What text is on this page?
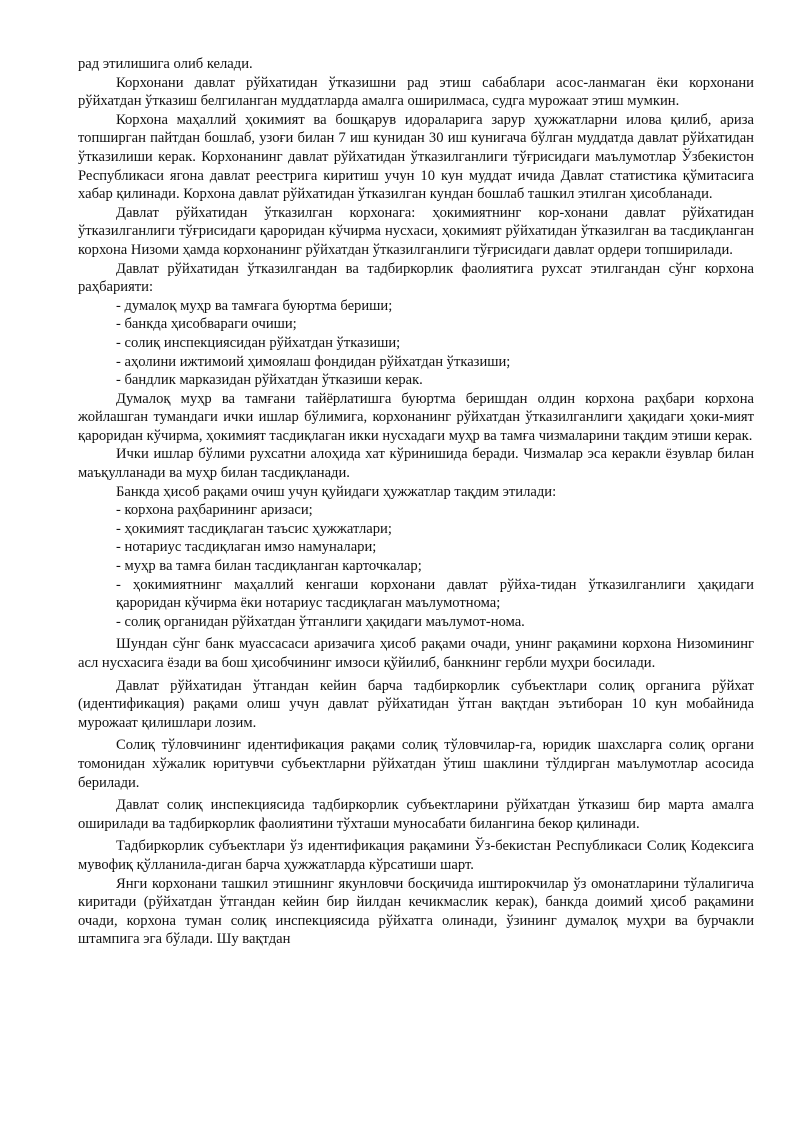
рад этилишига олиб келади.

Корхонани давлат рўйхатидан ўтказишни рад этиш сабаблари асос-ланмаган ёки корхонани рўйхатдан ўтказиш белгиланган муддатларда амалга оширилмаса, судга мурожаат этиш мумкин.

Корхона маҳаллий ҳокимият ва бошқарув идораларига зарур ҳужжатларни илова қилиб, ариза топширган пайтдан бошлаб, узоғи билан 7 иш кунидан 30 иш кунигача бўлган муддатда давлат рўйхатидан ўтказилиши керак. Корхонанинг давлат рўйхатидан ўтказилганлиги тўғрисидаги маълумотлар Ўзбекистон Республикаси ягона давлат реестрига киритиш учун 10 кун муддат ичида Давлат статистика қўмитасига хабар қилинади. Корхона давлат рўйхатидан ўтказилган кундан бошлаб ташкил этилган ҳисобланади.

Давлат рўйхатидан ўтказилган корхонага: ҳокимиятнинг кор-хонани давлат рўйхатидан ўтказилганлиги тўғрисидаги қароридан кўчирма нусхаси, ҳокимият рўйхатидан ўтказилган ва тасдиқланган корхона Низоми ҳамда корхонанинг рўйхатдан ўтказилганлиги тўғрисидаги давлат ордери топширилади.

Давлат рўйхатидан ўтказилгандан ва тадбиркорлик фаолиятига рухсат этилгандан сўнг корхона раҳбарияти:

- думалоқ муҳр ва тамғага буюртма бериши;

- банкда ҳисобвараги очиши;

- солиқ инспекциясидан рўйхатдан ўтказиши;

- аҳолини ижтимоий ҳимоялаш фондидан рўйхатдан ўтказиши;

- бандлик марказидан рўйхатдан ўтказиши керак.

Думалоқ муҳр ва тамғани тайёрлатишга буюртма беришдан олдин корхона раҳбари корхона жойлашган тумандаги ички ишлар бўлимига, корхонанинг рўйхатдан ўтказилганлиги ҳақидаги ҳоки-мият қароридан кўчирма, ҳокимият тасдиқлаган икки нусхадаги муҳр ва тамға чизмаларини тақдим этиши керак.

Ички ишлар бўлими рухсатни алоҳида хат кўринишида беради. Чизмалар эса керакли ёзувлар билан маъқулланади ва муҳр билан тасдиқланади.

Банкда ҳисоб рақами очиш учун қуйидаги ҳужжатлар тақдим этилади:

- корхона раҳбарининг аризаси;

- ҳокимият тасдиқлаган таъсис ҳужжатлари;

- нотариус тасдиқлаган имзо намуналари;

- муҳр ва тамға билан тасдиқланган карточкалар;

- ҳокимиятнинг маҳаллий кенгаши корхонани давлат рўйха-тидан ўтказилганлиги ҳақидаги қароридан кўчирма ёки нотариус тасдиқлаган маълумотнома;

- солиқ органидан рўйхатдан ўтганлиги ҳақидаги маълумот-нома.

Шундан сўнг банк муассасаси аризачига ҳисоб рақами очади, унинг рақамини корхона Низомининг асл нусхасига ёзади ва бош ҳисобчининг имзоси қўйилиб, банкнинг гербли муҳри босилади.

Давлат рўйхатидан ўтгандан кейин барча тадбиркорлик субъектлари солиқ органига рўйхат (идентификация) рақами олиш учун давлат рўйхатидан ўтган вақтдан эътиборан 10 кун мобайнида мурожаат қилишлари лозим.

Солиқ тўловчининг идентификация рақами солиқ тўловчилар-га, юридик шахсларга солиқ органи томонидан хўжалик юритувчи субъектларни рўйхатдан ўтиш шаклини тўлдирган маълумотлар асосида берилади.

Давлат солиқ инспекциясида тадбиркорлик субъектларини рўйхатдан ўтказиш бир марта амалга оширилади ва тадбиркорлик фаолиятини тўхташи муносабати билангина бекор қилинади.

Тадбиркорлик субъектлари ўз идентификация рақамини Ўз-бекистан Республикаси Солиқ Кодексига мувофиқ қўлланила-диган барча ҳужжатларда кўрсатиши шарт.

Янги корхонани ташкил этишнинг якунловчи босқичида иштирокчилар ўз омонатларини тўлалигича киритади (рўйхатдан ўтгандан кейин бир йилдан кечикмаслик керак), банкда доимий ҳисоб рақамини очади, корхона туман солиқ инспекциясида рўйхатга олинади, ўзининг думалоқ муҳри ва бурчакли штампига эга бўлади. Шу вақтдан
